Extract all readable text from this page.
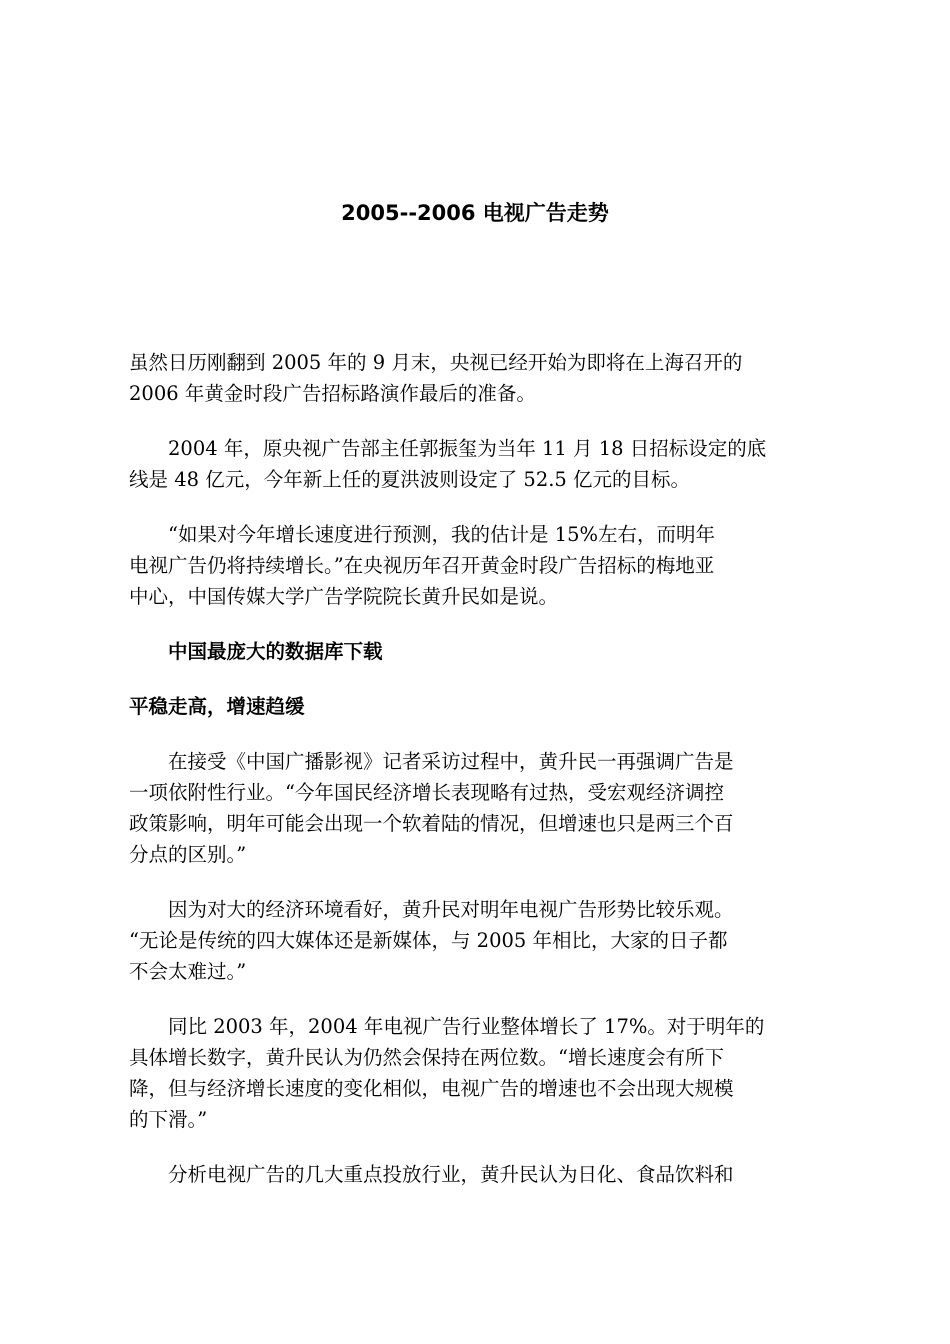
2005--2006 电视广告走势

虽然日历刚翻到 2005 年的 9 月末，央视已经开始为即将在上海召开的
2006 年黄金时段广告招标路演作最后的准备。

2004 年，原央视广告部主任郭振玺为当年 11 月 18 日招标设定的底
线是 48 亿元，今年新上任的夏洪波则设定了 52.5 亿元的目标。

“如果对今年增长速度进行预测，我的估计是 15%左右，而明年
电视广告仍将持续增长。”在央视历年召开黄金时段广告招标的梅地亚
中心，中国传媒大学广告学院院长黄升民如是说。

中国最庞大的数据库下载

平稳走高，增速趋缓

在接受《中国广播影视》记者采访过程中，黄升民一再强调广告是
一项依附性行业。“今年国民经济增长表现略有过热，受宏观经济调控
政策影响，明年可能会出现一个软着陆的情况，但增速也只是两三个百
分点的区别。”

因为对大的经济环境看好，黄升民对明年电视广告形势比较乐观。
“无论是传统的四大媒体还是新媒体，与 2005 年相比，大家的日子都
不会太难过。”

同比 2003 年，2004 年电视广告行业整体增长了 17%。对于明年的
具体增长数字，黄升民认为仍然会保持在两位数。“增长速度会有所下
降，但与经济增长速度的变化相似，电视广告的增速也不会出现大规模
的下滑。”

分析电视广告的几大重点投放行业，黄升民认为日化、食品饮料和
